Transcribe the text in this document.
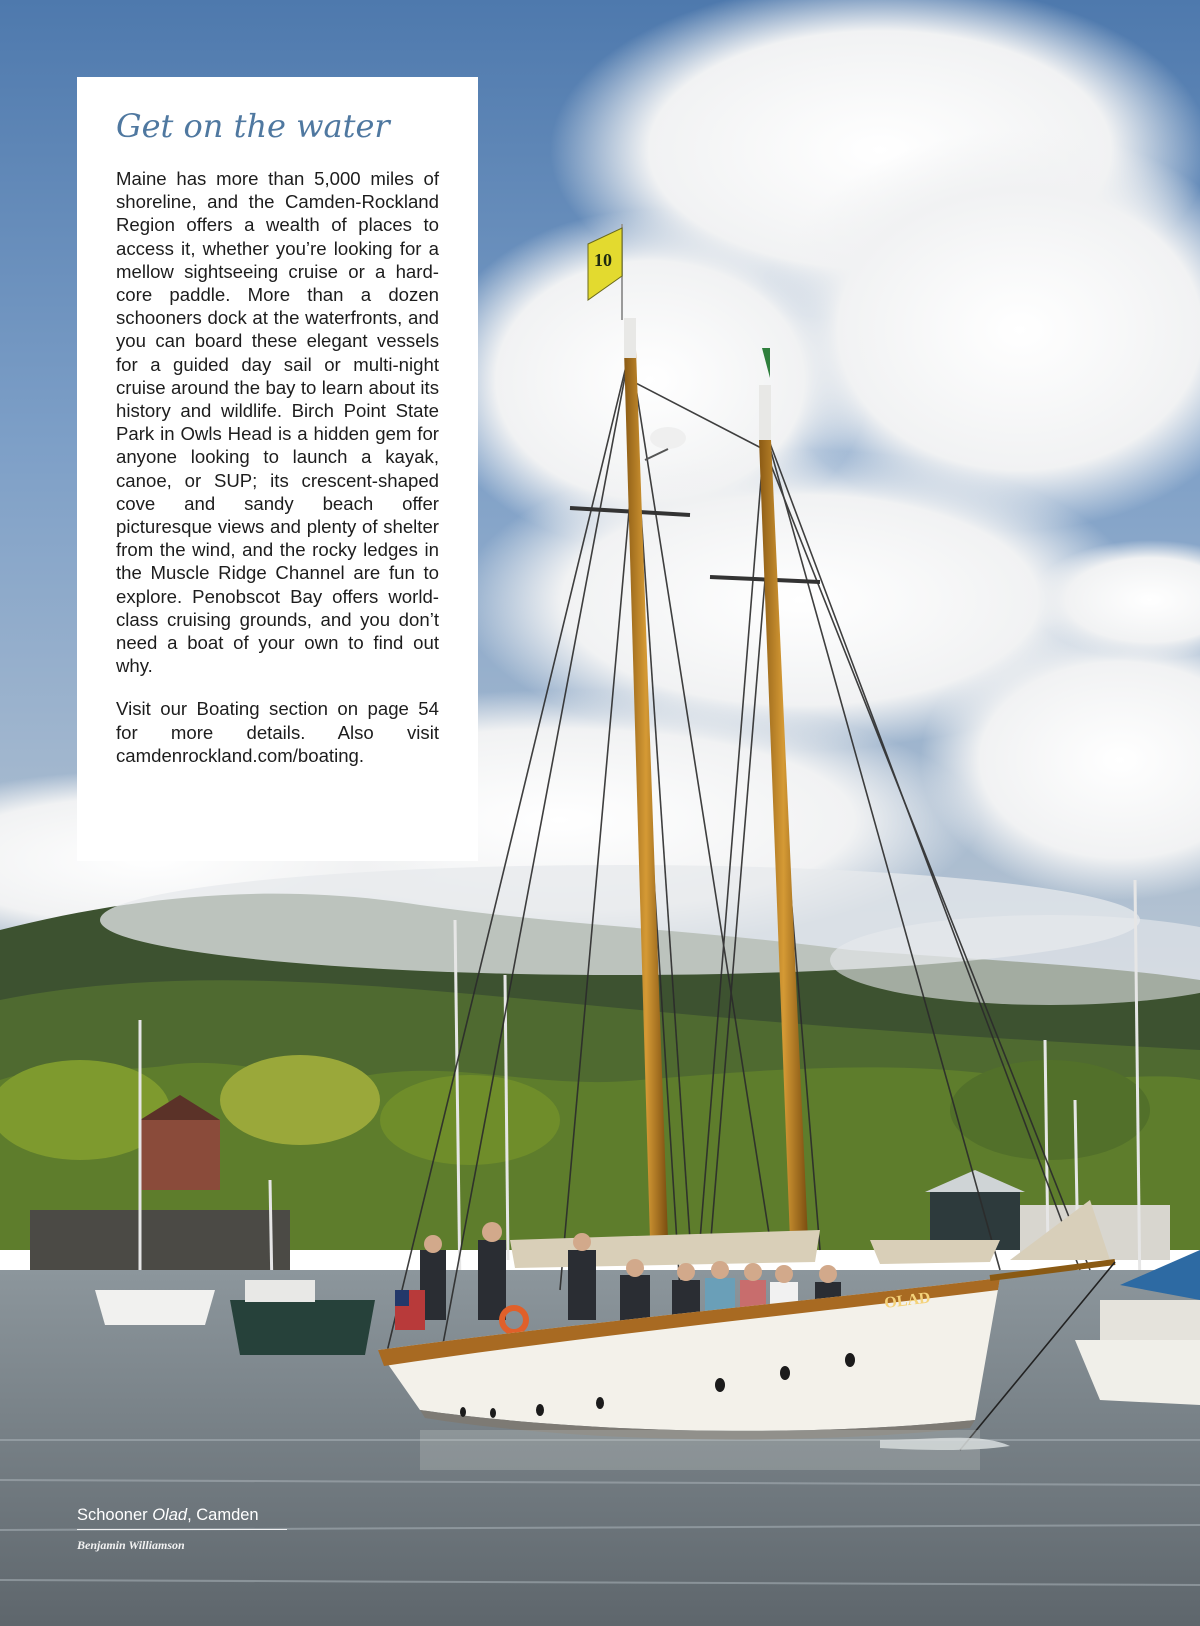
10
OLAD
Get on the water

Maine has more than 5,000 miles of shoreline, and the Camden-Rockland Region offers a wealth of places to access it, whether you’re looking for a mellow sightseeing cruise or a hard-core paddle. More than a dozen schooners dock at the waterfronts, and you can board these elegant vessels for a guided day sail or multi-night cruise around the bay to learn about its history and wildlife. Birch Point State Park in Owls Head is a hidden gem for anyone looking to launch a kayak, canoe, or SUP; its crescent-shaped cove and sandy beach offer picturesque views and plenty of shelter from the wind, and the rocky ledges in the Muscle Ridge Channel are fun to explore. Penobscot Bay offers world-class cruising grounds, and you don’t need a boat of your own to find out why.

Visit our Boating section on page 54 for more details. Also visit camdenrockland.com/boating.

Schooner Olad, Camden
Benjamin Williamson
